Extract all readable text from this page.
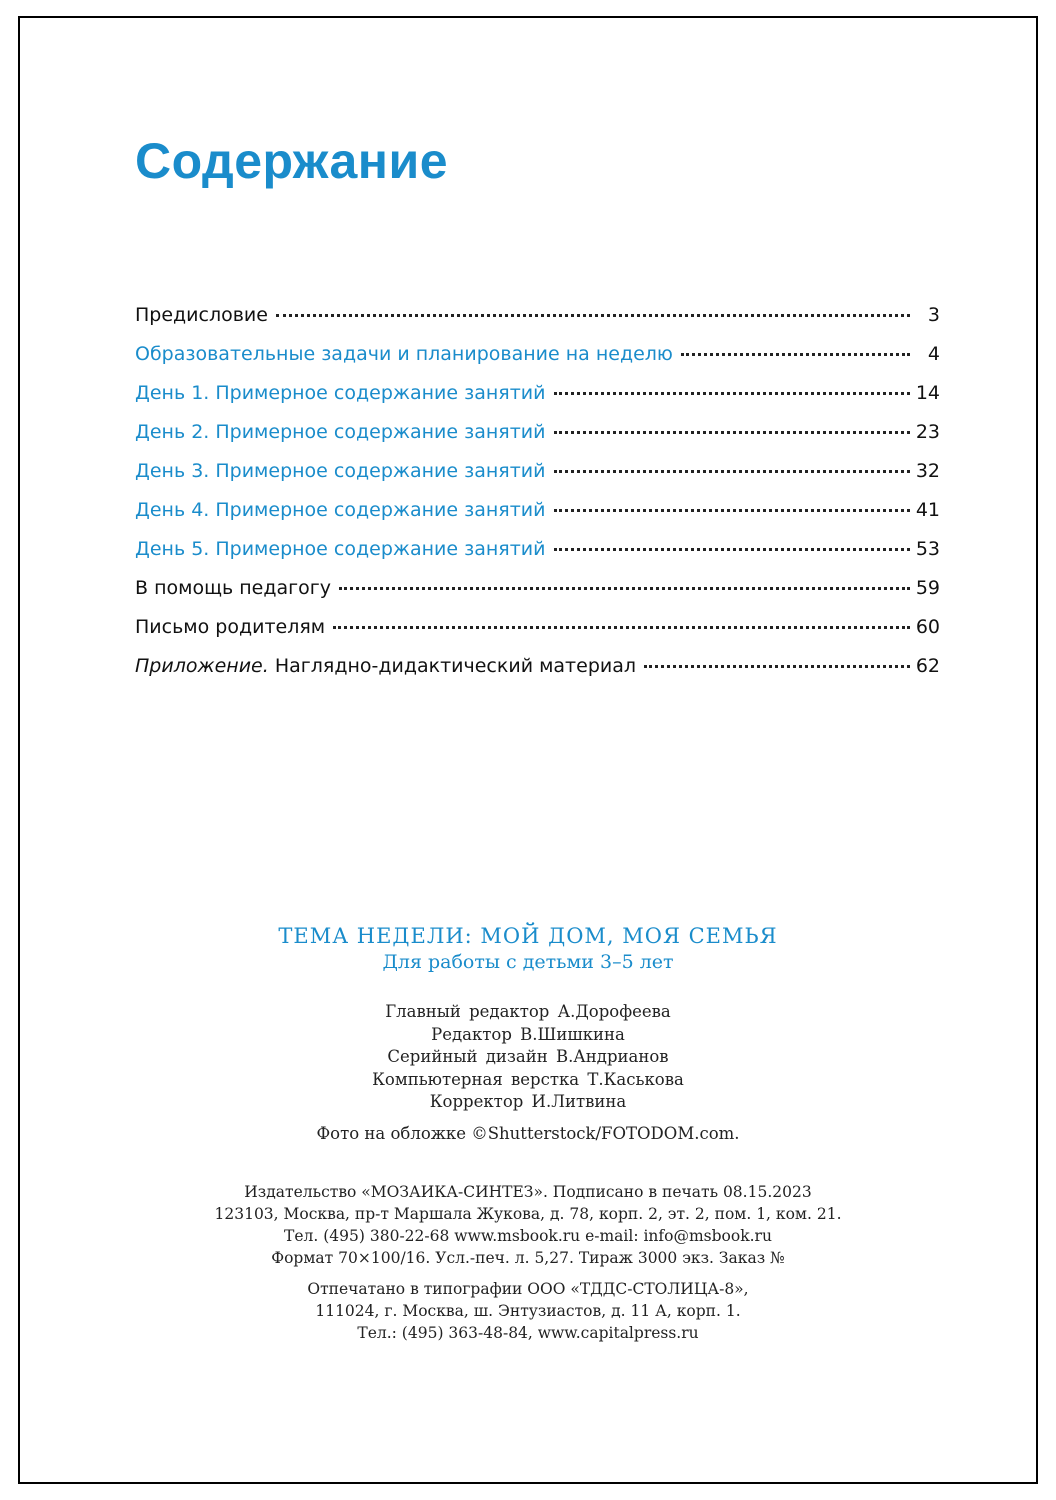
Содержание
Предисловие	3
Образовательные задачи и планирование на неделю	4
День 1. Примерное содержание занятий	14
День 2. Примерное содержание занятий	23
День 3. Примерное содержание занятий	32
День 4. Примерное содержание занятий	41
День 5. Примерное содержание занятий	53
В помощь педагогу	59
Письмо родителям	60
Приложение. Наглядно-дидактический материал	62
ТЕМА НЕДЕЛИ: МОЙ ДОМ, МОЯ СЕМЬЯ
Для работы с детьми 3–5 лет
Главный редактор А.Дорофеева
Редактор В.Шишкина
Серийный дизайн В.Андрианов
Компьютерная верстка Т.Каськова
Корректор И.Литвина
Фото на обложке ©Shutterstock/FOTODOM.com.
Издательство «МОЗАИКА-СИНТЕЗ». Подписано в печать 08.15.2023
123103, Москва, пр-т Маршала Жукова, д. 78, корп. 2, эт. 2, пом. 1, ком. 21.
Тел. (495) 380-22-68 www.msbook.ru e-mail: info@msbook.ru
Формат 70×100/16. Усл.-печ. л. 5,27. Тираж 3000 экз. Заказ №
Отпечатано в типографии ООО «ТДДС-СТОЛИЦА-8»,
111024, г. Москва, ш. Энтузиастов, д. 11 А, корп. 1.
Тел.: (495) 363-48-84, www.capitalpress.ru
